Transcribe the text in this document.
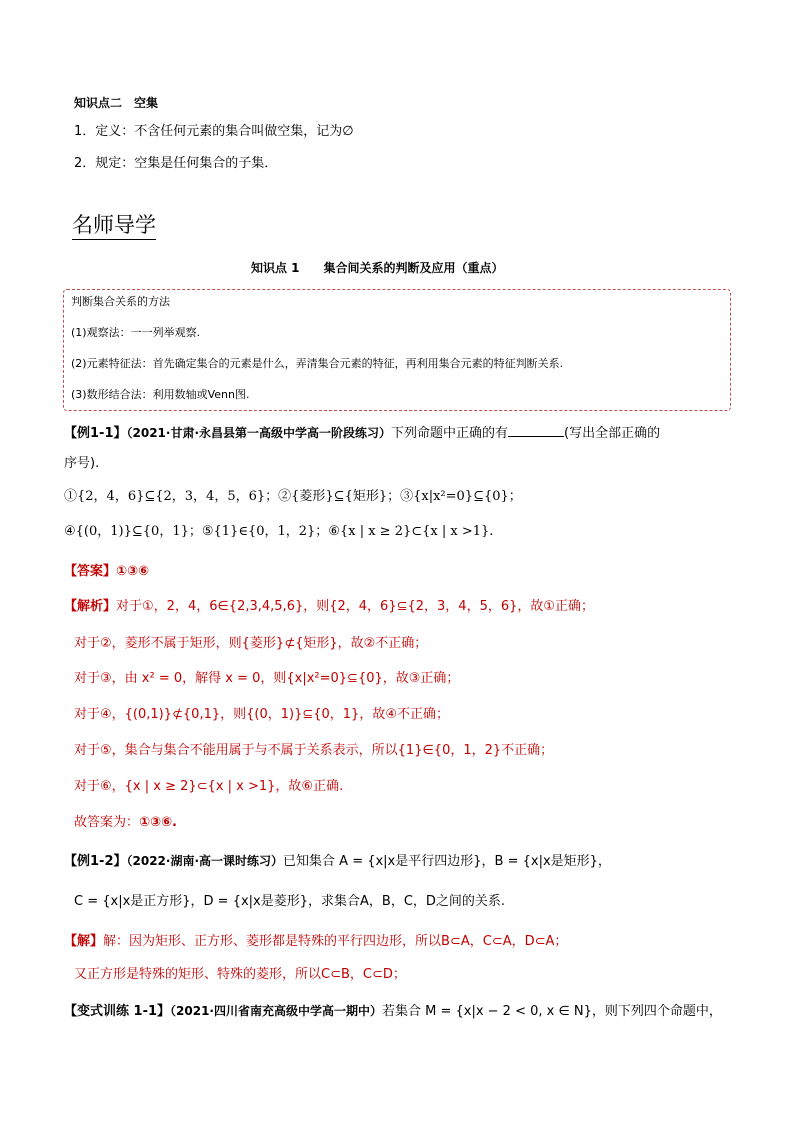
知识点二　空集
1．定义：不含任何元素的集合叫做空集，记为∅
2．规定：空集是任何集合的子集．
名师导学
知识点 1　　集合间关系的判断及应用（重点）
判断集合关系的方法
(1)观察法：一一列举观察.
(2)元素特征法：首先确定集合的元素是什么，弄清集合元素的特征，再利用集合元素的特征判断关系.
(3)数形结合法：利用数轴或Venn图.
【例1-1】（2021·甘肃·永昌县第一高级中学高一阶段练习）下列命题中正确的有	(写出全部正确的
序号).
①{2，4，6}⊆{2，3，4，5，6}；②{菱形}⊆{矩形}；③{x|x²=0}⊆{0}；
④{(0，1)}⊆{0，1}；⑤{1}∈{0，1，2}；⑥{x | x ≥ 2}⊂{x | x >1}.
【答案】①③⑥
【解析】对于①，2，4，6∈{2,3,4,5,6}，则{2，4，6}⊆{2，3，4，5，6}，故①正确；
对于②，菱形不属于矩形，则{菱形}⊄{矩形}，故②不正确；
对于③，由 x² = 0，解得 x = 0，则{x|x²=0}⊆{0}，故③正确；
对于④，{(0,1)}⊄{0,1}，则{(0，1)}⊆{0，1}，故④不正确；
对于⑤，集合与集合不能用属于与不属于关系表示，所以{1}∈{0，1，2}不正确；
对于⑥，{x | x ≥ 2}⊂{x | x >1}，故⑥正确.
故答案为：①③⑥.
【例1-2】（2022·湖南·高一课时练习）已知集合 A = {x|x是平行四边形}，B = {x|x是矩形}，
C = {x|x是正方形}，D = {x|x是菱形}，求集合A，B，C，D之间的关系.
【解】解：因为矩形、正方形、菱形都是特殊的平行四边形，所以B⊂A，C⊂A，D⊂A；
又正方形是特殊的矩形、特殊的菱形，所以C⊂B，C⊂D；
【变式训练 1-1】（2021·四川省南充高级中学高一期中）若集合 M = {x|x − 2 < 0, x ∈ N}，则下列四个命题中，
